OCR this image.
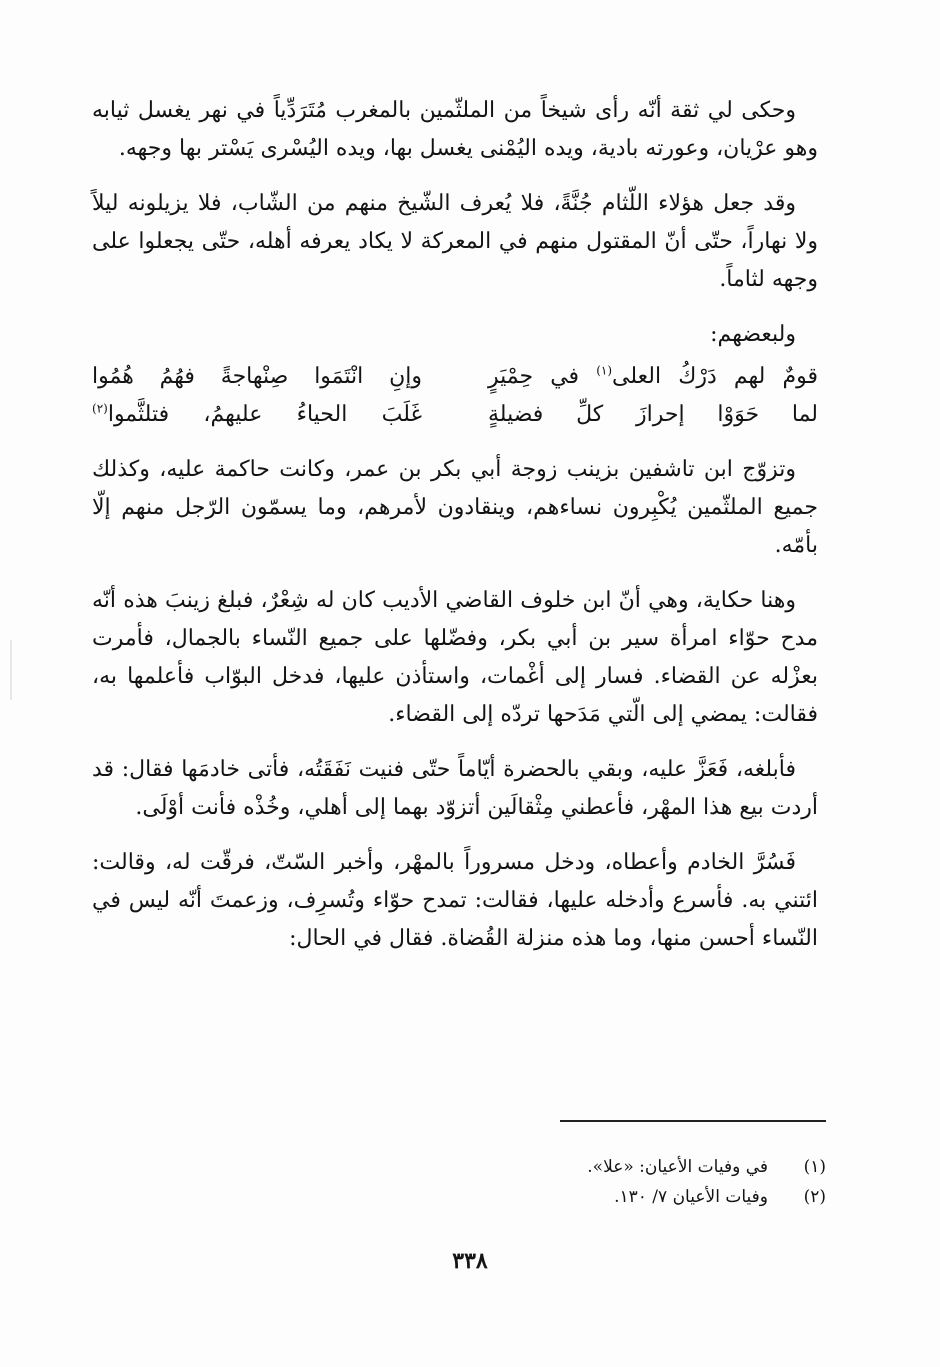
وحكى لي ثقة أنّه رأى شيخاً من الملثّمين بالمغرب مُتَرَدِّياً في نهر يغسل ثيابه وهو عرْيان، وعورته بادية، ويده اليُمْنى يغسل بها، ويده اليُسْرى يَسْتر بها وجهه.

وقد جعل هؤلاء اللّثام جُنَّةً، فلا يُعرف الشّيخ منهم من الشّاب، فلا يزيلونه ليلاً ولا نهاراً، حتّى أنّ المقتول منهم في المعركة لا يكاد يعرفه أهله، حتّى يجعلوا على وجهه لثاماً.

ولبعضهم:

قومٌ لهم دَرْكُ العلى$^{(١)}$ في حِمْيَرٍ
وإنِ انْتَمَوا صِنْهاجةً فهُمُ هُمُوا
لما حَوَوْا إحرازَ كلِّ فضيلةٍ
غَلَبَ الحياءُ عليهمُ، فتلثَّموا$^{(٢)}$

وتزوّج ابن تاشفين بزينب زوجة أبي بكر بن عمر، وكانت حاكمة عليه، وكذلك جميع الملثّمين يُكْبِرون نساءهم، وينقادون لأمرهم، وما يسمّون الرّجل منهم إلّا بأمّه.

وهنا حكاية، وهي أنّ ابن خلوف القاضي الأديب كان له شِعْرٌ، فبلغ زينبَ هذه أنّه مدح حوّاء امرأة سير بن أبي بكر، وفضّلها على جميع النّساء بالجمال، فأمرت بعزْله عن القضاء. فسار إلى أغْمات، واستأذن عليها، فدخل البوّاب فأعلمها به، فقالت: يمضي إلى الّتي مَدَحها تردّه إلى القضاء.

فأبلغه، فَعَزَّ عليه، وبقي بالحضرة أيّاماً حتّى فنيت نَفَقَتُه، فأتى خادمَها فقال: قد أردت بيع هذا المهْر، فأعطني مِثْقالَين أتزوّد بهما إلى أهلي، وخُذْه فأنت أوْلَى.

فَسُرَّ الخادم وأعطاه، ودخل مسروراً بالمهْر، وأخبر السّتّ، فرقّت له، وقالت: ائتني به. فأسرع وأدخله عليها، فقالت: تمدح حوّاء وتُسرِف، وزعمتَ أنّه ليس في النّساء أحسن منها، وما هذه منزلة القُضاة. فقال في الحال:

(١)
في وفيات الأعيان: «علا».
(٢)
وفيات الأعيان ٧/ ١٣٠.
٣٣٨
